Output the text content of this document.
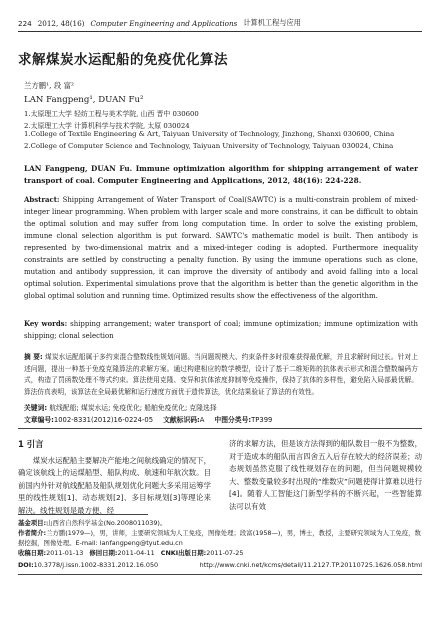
224 2012, 48(16) Computer Engineering and Applications 计算机工程与应用
求解煤炭水运配船的免疫优化算法
兰方鹏¹, 段 富²
LAN Fangpeng¹, DUAN Fu²
1.太原理工大学 轻纺工程与美术学院, 山西 晋中 030600
2.太原理工大学 计算机科学与技术学院, 太原 030024
1.College of Textile Engineering & Art, Taiyuan University of Technology, Jinzhong, Shanxi 030600, China
2.College of Computer Science and Technology, Taiyuan University of Technology, Taiyuan 030024, China
LAN Fangpeng, DUAN Fu. Immune optimization algorithm for shipping arrangement of water transport of coal. Computer Engineering and Applications, 2012, 48(16): 224-228.
Abstract: Shipping Arrangement of Water Transport of Coal(SAWTC) is a multi-constrain problem of mixed-integer linear programming. When problem with larger scale and more constrains, it can be difficult to obtain the optimal solution and may suffer from long computation time. In order to solve the existing problem, immune clonal selection algorithm is put forward. SAWTC's mathematic model is built. Then antibody is represented by two-dimensional matrix and a mixed-integer coding is adopted. Furthermore inequality constraints are settled by constructing a penalty function. By using the immune operations such as clone, mutation and antibody suppression, it can improve the diversity of antibody and avoid falling into a local optimal solution. Experimental simulations prove that the algorithm is better than the genetic algorithm in the global optimal solution and running time. Optimized results show the effectiveness of the algorithm.
Key words: shipping arrangement; water transport of coal; immune optimization; immune optimization with shipping; clonal selection
摘 要: 煤炭水运配船属于多约束混合整数线性规划问题。当问题规模大、约束条件多时很难获得最优解，并且求解时间过长。针对上述问题，提出一种基于免疫克隆算法的求解方案。通过构建相应的数学模型，设计了基于二维矩阵的抗体表示形式和混合整数编码方式，构造了罚函数处理不等式约束。算法使用克隆、变异和抗体浓度抑制等免疫操作，保持了抗体的多样性，避免陷入局部最优解。算法仿真表明，该算法在全局最优解和运行速度方面优于遗传算法，优化结果验证了算法的有效性。
关键词: 航线配船; 煤炭水运; 免疫优化; 船舶免疫优化; 克隆选择
文章编号:1002-8331(2012)16-0224-05 文献标识码:A 中图分类号:TP399
1 引言
煤炭水运配船主要解决产能地之间航线确定的情况下，确定该航线上的运煤船型、船队构成、航速和年航次数。目前国内外针对航线配船及船队规划优化问题大多采用运筹学里的线性规划[1]、动态规划[2]、多目标规划[3]等理论来解决。线性规划是最方便、经
济的求解方法，但是该方法得到的船队数目一般不为整数，对于造成本的船队而言四舍五入后存在较大的经济误差；动态规划虽然克服了线性规划存在的问题，但当问题规模较大、整数变量较多时出现的“维数灾”问题使得计算难以进行[4]。随着人工智能这门新型学科的不断兴起，一些智能算法可以有效
基金项目:山西省自然科学基金(No.2008011039)。
作者简介:兰方鹏(1979—)，男，讲师，主要研究领域为人工免疫，图像处理；段富(1958—)，男，博士，教授，主要研究领域为人工免疫，数据挖掘，图像处理。E-mail: lanfangpeng@tyut.edu.cn
收稿日期:2011-01-13 修回日期:2011-04-11 CNKI出版日期:2011-07-25
DOI:10.3778/j.issn.1002-8331.2012.16.050	http://www.cnki.net/kcms/detail/11.2127.TP.20110725.1626.058.html
